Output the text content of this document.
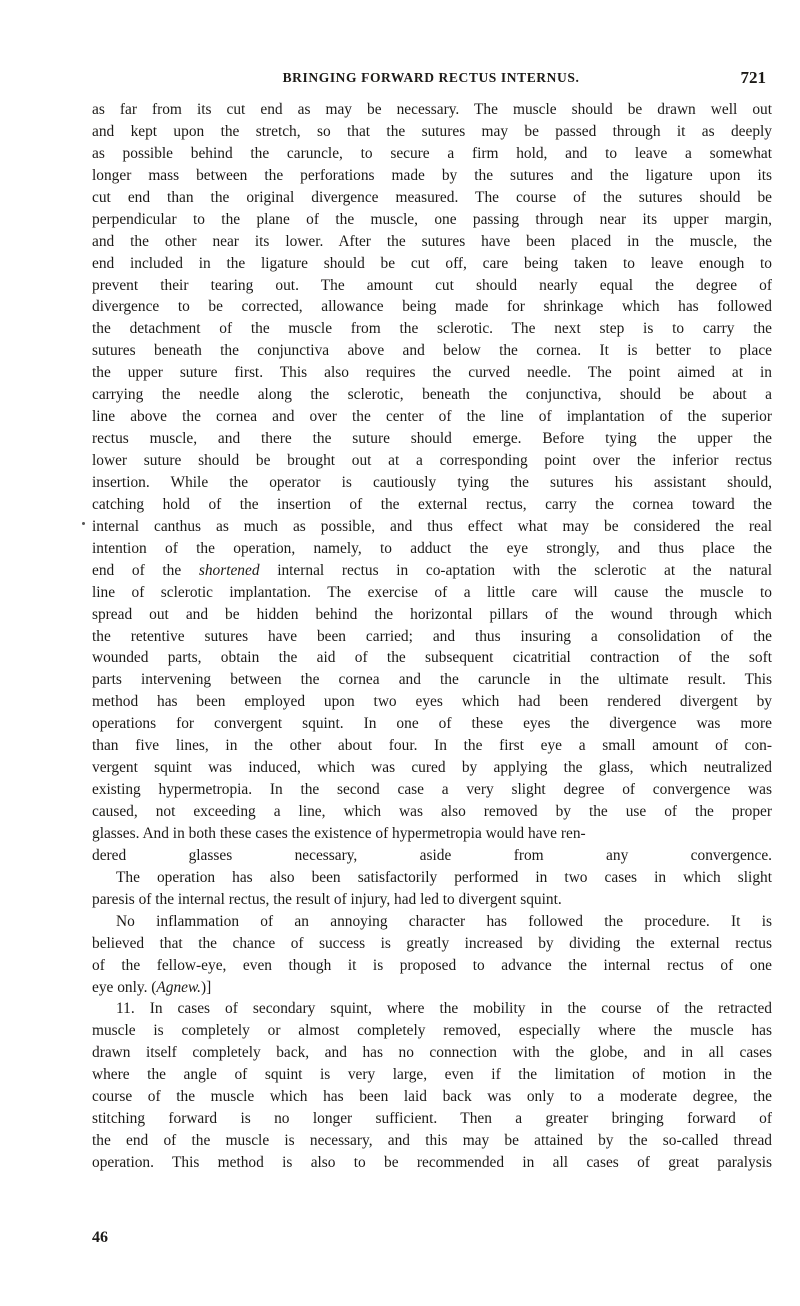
BRINGING FORWARD RECTUS INTERNUS.	721
as far from its cut end as may be necessary. The muscle should be drawn well out
and kept upon the stretch, so that the sutures may be passed through it as deeply
as possible behind the caruncle, to secure a firm hold, and to leave a somewhat
longer mass between the perforations made by the sutures and the ligature upon its
cut end than the original divergence measured. The course of the sutures should be
perpendicular to the plane of the muscle, one passing through near its upper margin,
and the other near its lower. After the sutures have been placed in the muscle, the
end included in the ligature should be cut off, care being taken to leave enough to
prevent their tearing out. The amount cut should nearly equal the degree of
divergence to be corrected, allowance being made for shrinkage which has followed
the detachment of the muscle from the sclerotic. The next step is to carry the
sutures beneath the conjunctiva above and below the cornea. It is better to place
the upper suture first. This also requires the curved needle. The point aimed at in
carrying the needle along the sclerotic, beneath the conjunctiva, should be about a
line above the cornea and over the center of the line of implantation of the superior
rectus muscle, and there the suture should emerge. Before tying the upper the
lower suture should be brought out at a corresponding point over the inferior rectus
insertion. While the operator is cautiously tying the sutures his assistant should,
catching hold of the insertion of the external rectus, carry the cornea toward the
internal canthus as much as possible, and thus effect what may be considered the real
intention of the operation, namely, to adduct the eye strongly, and thus place the
end of the shortened internal rectus in co-aptation with the sclerotic at the natural
line of sclerotic implantation. The exercise of a little care will cause the muscle to
spread out and be hidden behind the horizontal pillars of the wound through which
the retentive sutures have been carried; and thus insuring a consolidation of the
wounded parts, obtain the aid of the subsequent cicatritial contraction of the soft
parts intervening between the cornea and the caruncle in the ultimate result. This
method has been employed upon two eyes which had been rendered divergent by
operations for convergent squint. In one of these eyes the divergence was more
than five lines, in the other about four. In the first eye a small amount of con-
vergent squint was induced, which was cured by applying the glass, which neutralized
existing hypermetropia. In the second case a very slight degree of convergence was
caused, not exceeding a line, which was also removed by the use of the proper
glasses. And in both these cases the existence of hypermetropia would have ren-
dered glasses necessary, aside from any convergence.
The operation has also been satisfactorily performed in two cases in which slight
paresis of the internal rectus, the result of injury, had led to divergent squint.
No inflammation of an annoying character has followed the procedure. It is
believed that the chance of success is greatly increased by dividing the external rectus
of the fellow-eye, even though it is proposed to advance the internal rectus of one
eye only. (Agnew.)]
11. In cases of secondary squint, where the mobility in the course of the retracted
muscle is completely or almost completely removed, especially where the muscle has
drawn itself completely back, and has no connection with the globe, and in all cases
where the angle of squint is very large, even if the limitation of motion in the
course of the muscle which has been laid back was only to a moderate degree, the
stitching forward is no longer sufficient. Then a greater bringing forward of
the end of the muscle is necessary, and this may be attained by the so-called thread
operation. This method is also to be recommended in all cases of great paralysis
46
